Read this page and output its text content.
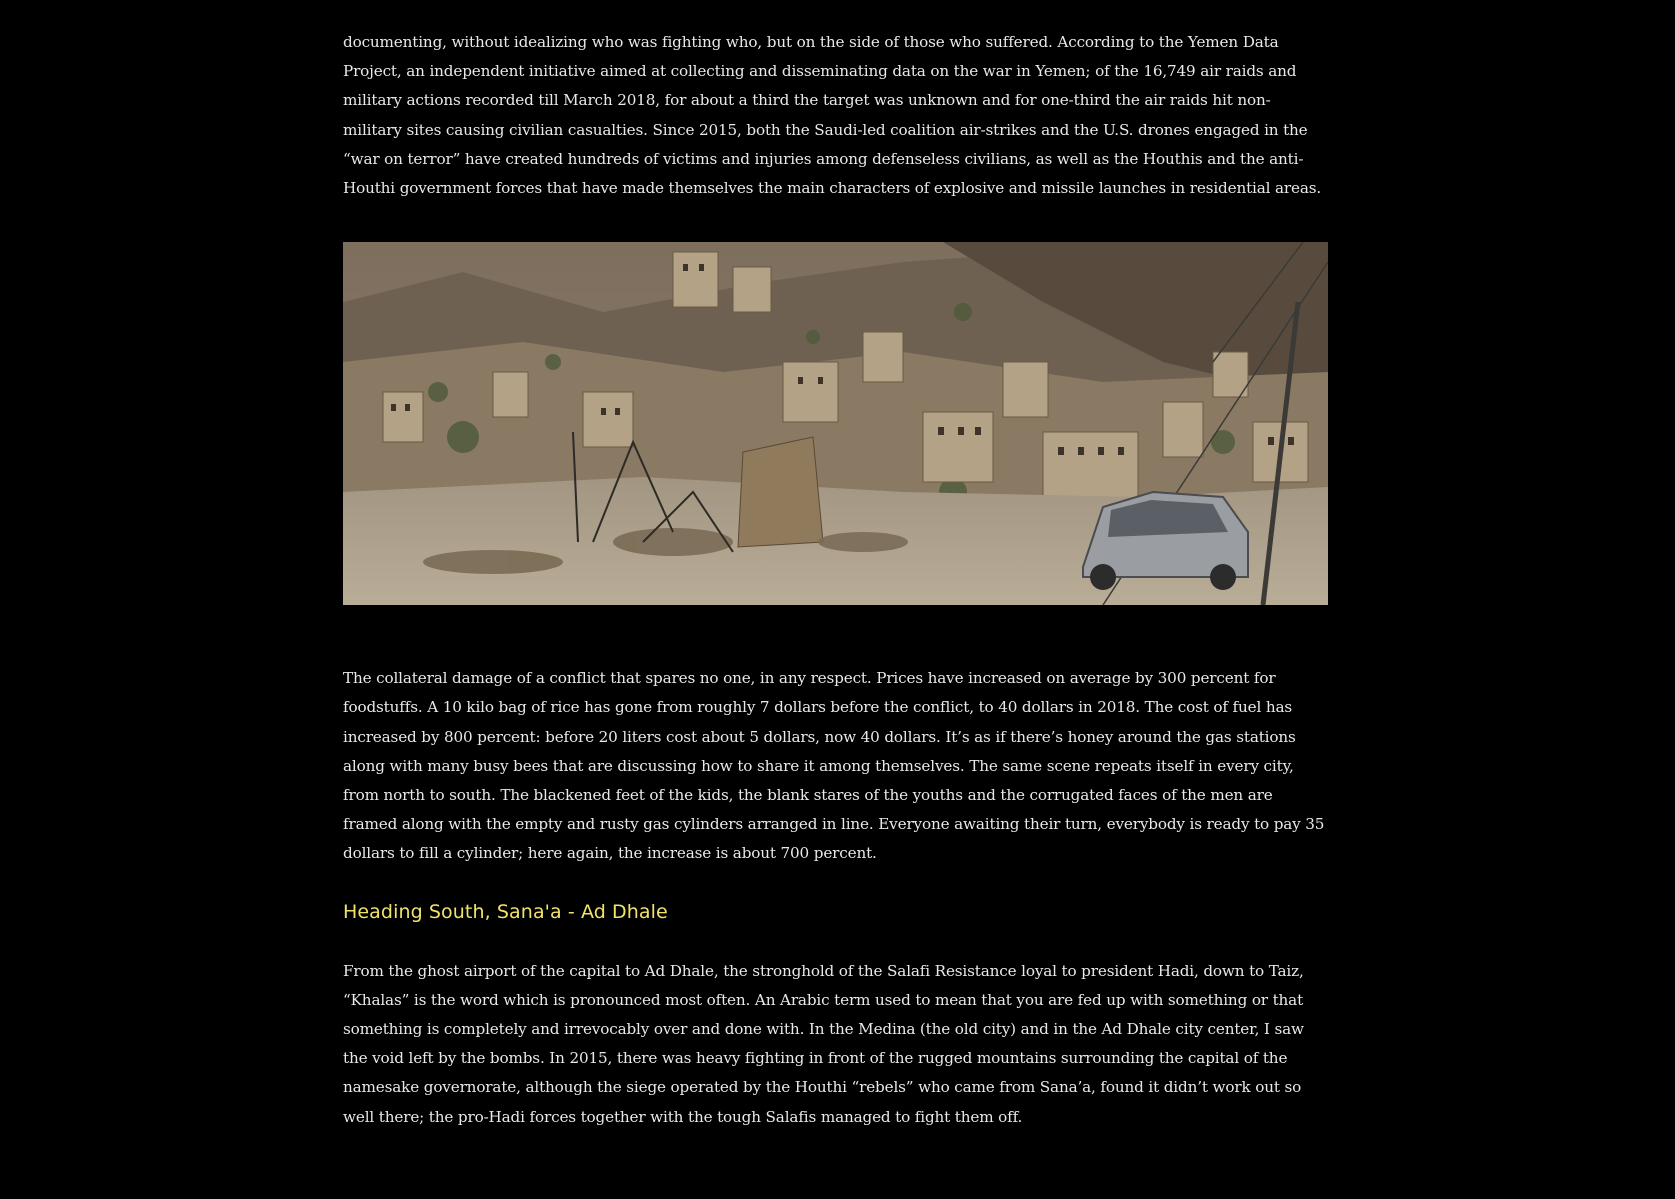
documenting, without idealizing who was fighting who, but on the side of those who suffered. According to the Yemen Data Project, an independent initiative aimed at collecting and disseminating data on the war in Yemen; of the 16,749 air raids and military actions recorded till March 2018, for about a third the target was unknown and for one-third the air raids hit non-military sites causing civilian casualties. Since 2015, both the Saudi-led coalition air-strikes and the U.S. drones engaged in the “war on terror” have created hundreds of victims and injuries among defenseless civilians, as well as the Houthis and the anti-Houthi government forces that have made themselves the main characters of explosive and missile launches in residential areas.

The collateral damage of a conflict that spares no one, in any respect. Prices have increased on average by 300 percent for foodstuffs. A 10 kilo bag of rice has gone from roughly 7 dollars before the conflict, to 40 dollars in 2018. The cost of fuel has increased by 800 percent: before 20 liters cost about 5 dollars, now 40 dollars. It’s as if there’s honey around the gas stations along with many busy bees that are discussing how to share it among themselves. The same scene repeats itself in every city, from north to south. The blackened feet of the kids, the blank stares of the youths and the corrugated faces of the men are framed along with the empty and rusty gas cylinders arranged in line. Everyone awaiting their turn, everybody is ready to pay 35 dollars to fill a cylinder; here again, the increase is about 700 percent.

Heading South, Sana'a - Ad Dhale

From the ghost airport of the capital to Ad Dhale, the stronghold of the Salafi Resistance loyal to president Hadi, down to Taiz, “Khalas” is the word which is pronounced most often. An Arabic term used to mean that you are fed up with something or that something is completely and irrevocably over and done with. In the Medina (the old city) and in the Ad Dhale city center, I saw the void left by the bombs. In 2015, there was heavy fighting in front of the rugged mountains surrounding the capital of the namesake governorate, although the siege operated by the Houthi “rebels” who came from Sana’a, found it didn’t work out so well there; the pro-Hadi forces together with the tough Salafis managed to fight them off.
